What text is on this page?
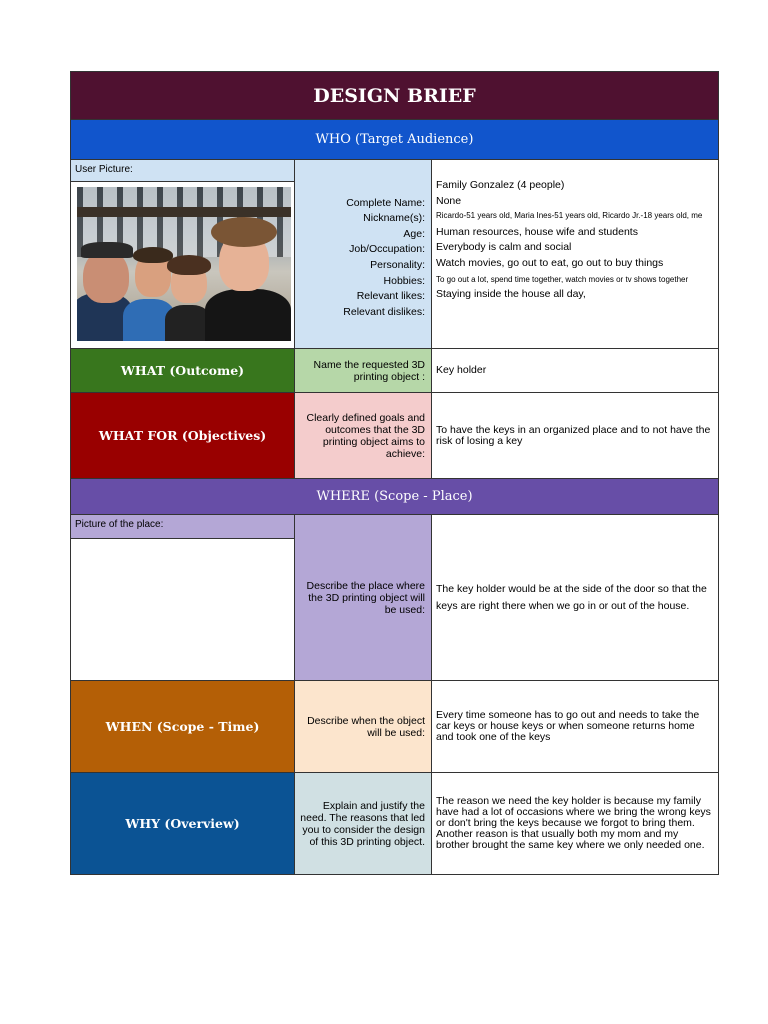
DESIGN BRIEF
WHO (Target Audience)
User Picture:
Complete Name:
Nickname(s):
Age:
Job/Occupation:
Personality:
Hobbies:
Relevant likes:
Relevant dislikes:
Family Gonzalez (4 people)
None
Ricardo-51 years old, Maria Ines-51 years old, Ricardo Jr.-18 years old, me
Human resources, house wife and students
Everybody is calm and social
Watch movies, go out to eat, go out to buy things
To go out a lot, spend time together, watch movies or tv shows together
Staying inside the house all day,
WHAT (Outcome)	Name the requested 3D printing object :
Key holder
WHAT FOR (Objectives)
Clearly defined goals and outcomes that the 3D printing object aims to achieve:
To have the keys in an organized place and to not have the risk of losing a key
WHERE (Scope - Place)
Picture of the place:
Describe the place where the 3D printing object will be used:
The key holder would be at the side of the door so that the keys are right there when we go in or out of the house.
WHEN (Scope - Time)	Describe when the object will be used:
Every time someone has to go out and needs to take the car keys or house keys or when someone returns home and took one of the keys
WHY (Overview)
Explain and justify the need. The reasons that led you to consider the design of this 3D printing object.
The reason we need the key holder is because my family have had a lot of occasions where we bring the wrong keys or don't bring the keys because we forgot to bring them. Another reason is that usually both my mom and my brother brought the same key where we only needed one.
